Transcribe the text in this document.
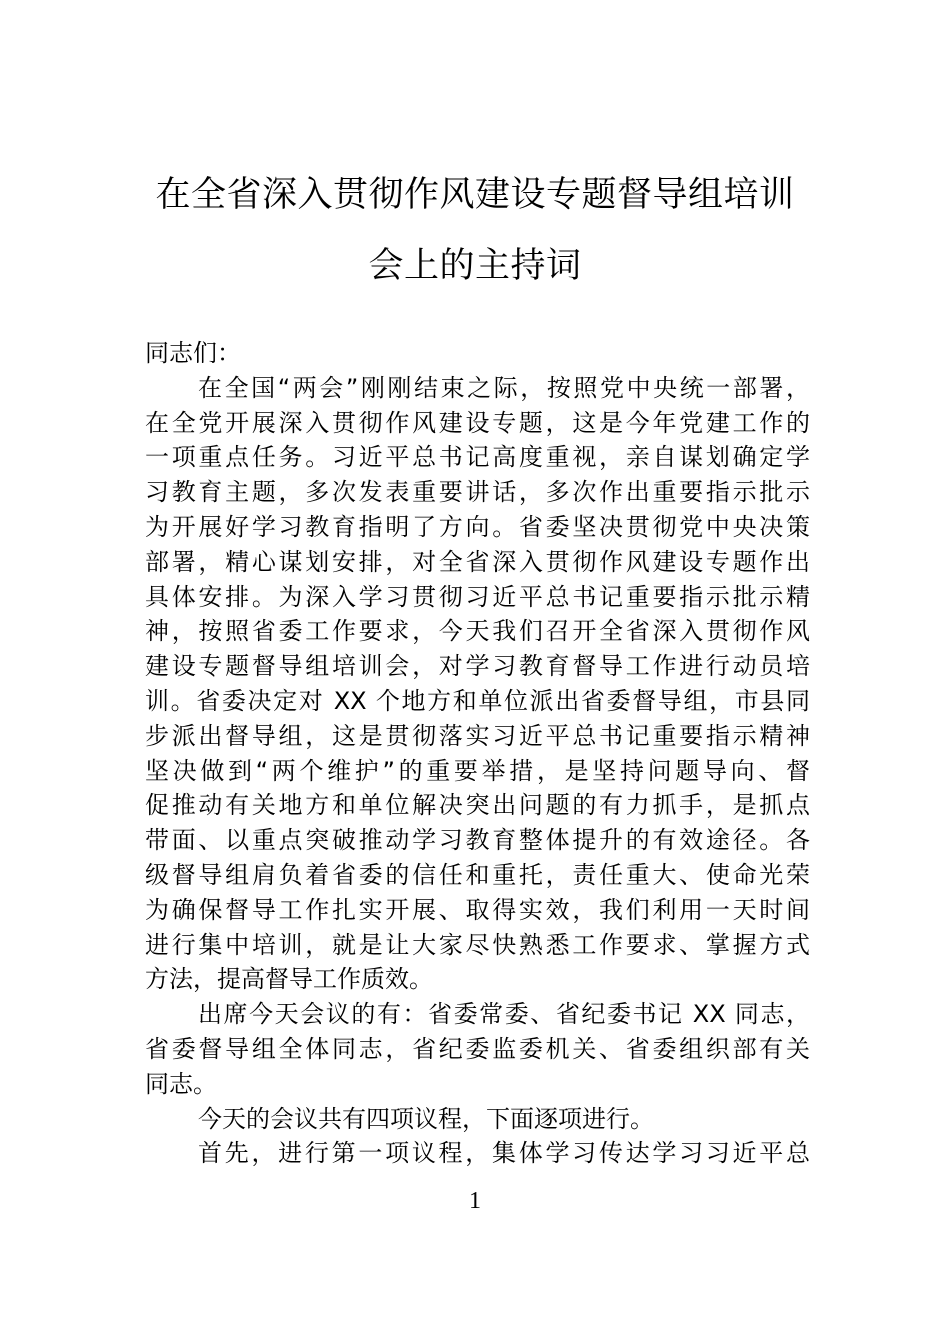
在全省深入贯彻作风建设专题督导组培训
会上的主持词
同志们：
在全国“两会”刚刚结束之际，按照党中央统一部署，
在全党开展深入贯彻作风建设专题，这是今年党建工作的
一项重点任务。习近平总书记高度重视，亲自谋划确定学
习教育主题，多次发表重要讲话，多次作出重要指示批示
为开展好学习教育指明了方向。省委坚决贯彻党中央决策
部署，精心谋划安排，对全省深入贯彻作风建设专题作出
具体安排。为深入学习贯彻习近平总书记重要指示批示精
神，按照省委工作要求，今天我们召开全省深入贯彻作风
建设专题督导组培训会，对学习教育督导工作进行动员培
训。省委决定对 XX 个地方和单位派出省委督导组，市县同
步派出督导组，这是贯彻落实习近平总书记重要指示精神
坚决做到“两个维护”的重要举措，是坚持问题导向、督
促推动有关地方和单位解决突出问题的有力抓手，是抓点
带面、以重点突破推动学习教育整体提升的有效途径。各
级督导组肩负着省委的信任和重托，责任重大、使命光荣
为确保督导工作扎实开展、取得实效，我们利用一天时间
进行集中培训，就是让大家尽快熟悉工作要求、掌握方式
方法，提高督导工作质效。
出席今天会议的有：省委常委、省纪委书记 XX 同志，
省委督导组全体同志，省纪委监委机关、省委组织部有关
同志。
今天的会议共有四项议程，下面逐项进行。
首先，进行第一项议程，集体学习传达学习习近平总
1
